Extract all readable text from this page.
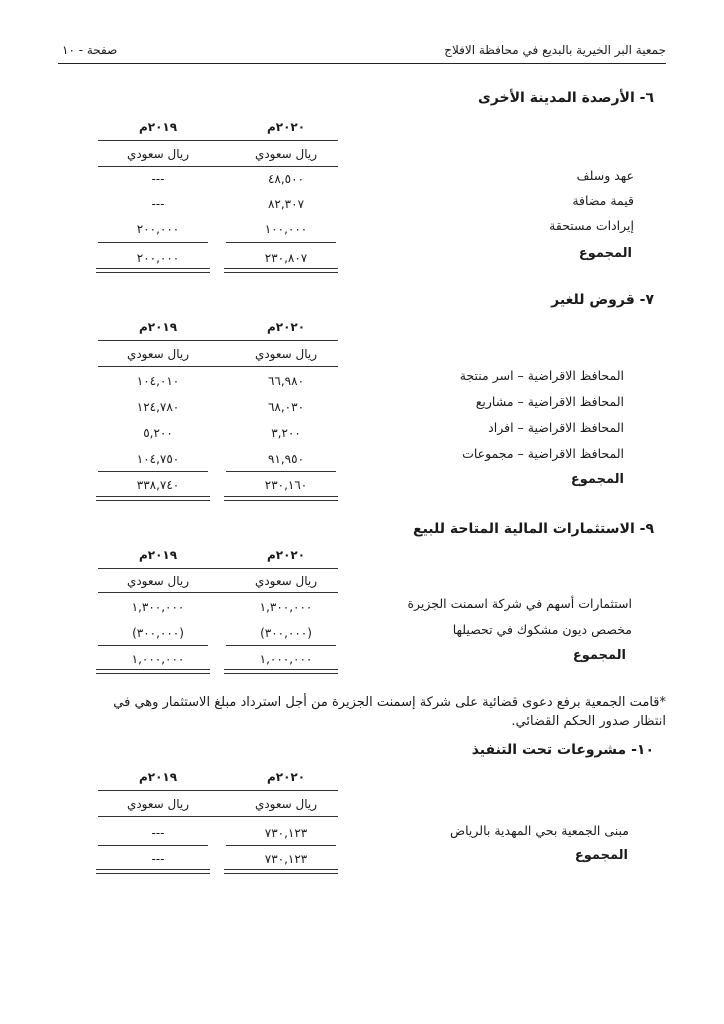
جمعية البر الخيرية بالبديع في محافظة الافلاج
صفحة - ١٠
٦- الأرصدة المدينة الأخرى
٢٠٢٠م
٢٠١٩م
ريال سعودي
ريال سعودي
عهد وسلف
٤٨,٥٠٠
---
قيمة مضافة
٨٢,٣٠٧
---
إيرادات مستحقة
١٠٠,٠٠٠
٢٠٠,٠٠٠
المجموع
٢٣٠,٨٠٧
٢٠٠,٠٠٠
٧- قروض للغير
٢٠٢٠م
٢٠١٩م
ريال سعودي
ريال سعودي
المحافظ الاقراضية – اسر منتجة
٦٦,٩٨٠
١٠٤,٠١٠
المحافظ الاقراضية – مشاريع
٦٨,٠٣٠
١٢٤,٧٨٠
المحافظ الاقراضية – افراد
٣,٢٠٠
٥,٢٠٠
المحافظ الاقراضية – مجموعات
٩١,٩٥٠
١٠٤,٧٥٠
المجموع
٢٣٠,١٦٠
٣٣٨,٧٤٠
٩- الاستثمارات المالية المتاحة للبيع
٢٠٢٠م
٢٠١٩م
ريال سعودي
ريال سعودي
استثمارات أسهم في شركة اسمنت الجزيرة
١,٣٠٠,٠٠٠
١,٣٠٠,٠٠٠
مخصص ديون مشكوك في تحصيلها
(٣٠٠,٠٠٠)
(٣٠٠,٠٠٠)
المجموع
١,٠٠٠,٠٠٠
١,٠٠٠,٠٠٠
*قامت الجمعية برفع دعوى قضائية على شركة إسمنت الجزيرة من أجل استرداد مبلغ الاستثمار وهي في
انتظار صدور الحكم القضائي.
١٠- مشروعات تحت التنفيذ
٢٠٢٠م
٢٠١٩م
ريال سعودي
ريال سعودي
مبنى الجمعية بحي المهدية بالرياض
٧٣٠,١٢٣
---
المجموع
٧٣٠,١٢٣
---
